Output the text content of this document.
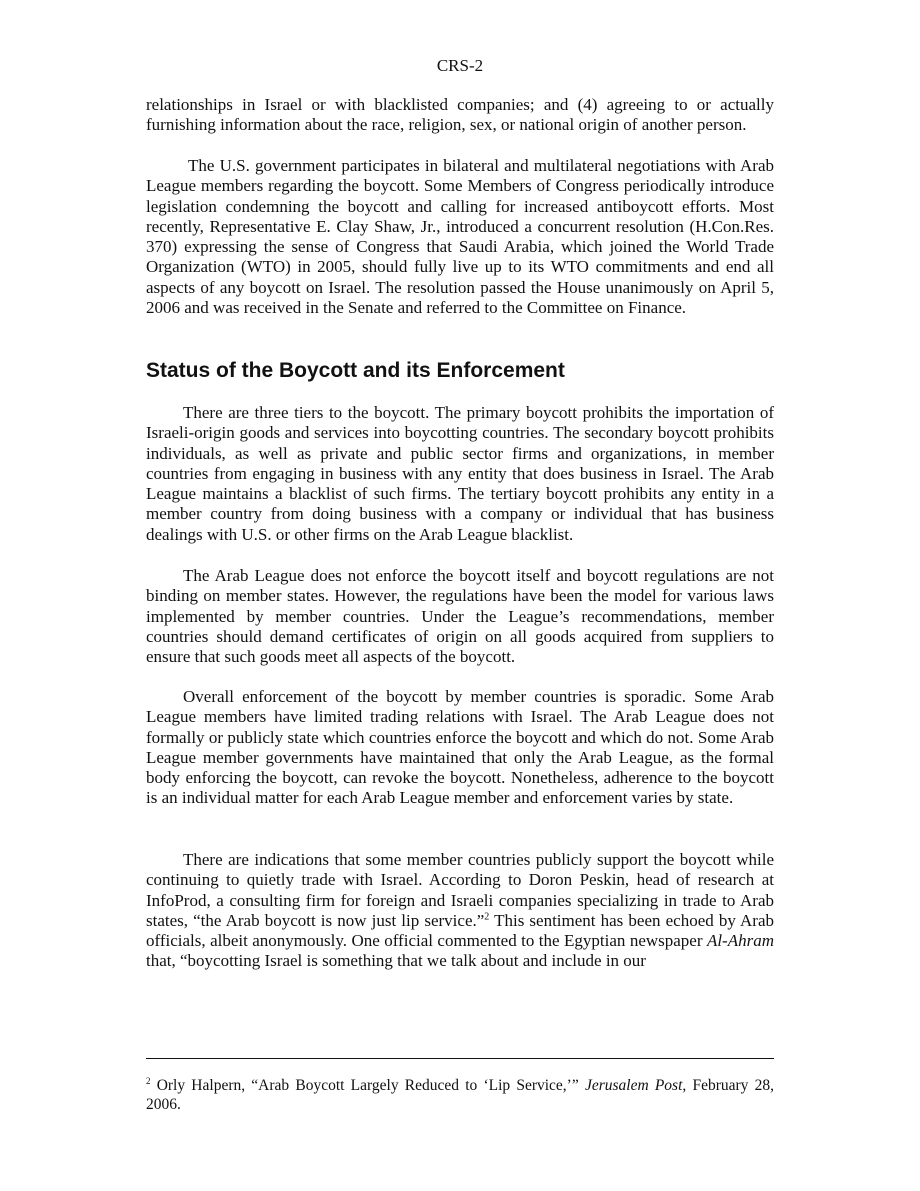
CRS-2

relationships in Israel or with blacklisted companies; and (4) agreeing to or actually furnishing information about the race, religion, sex, or national origin of another person.

The U.S. government participates in bilateral and multilateral negotiations with Arab League members regarding the boycott. Some Members of Congress periodically introduce legislation condemning the boycott and calling for increased antiboycott efforts. Most recently, Representative E. Clay Shaw, Jr., introduced a concurrent resolution (H.Con.Res. 370) expressing the sense of Congress that Saudi Arabia, which joined the World Trade Organization (WTO) in 2005, should fully live up to its WTO commitments and end all aspects of any boycott on Israel. The resolution passed the House unanimously on April 5, 2006 and was received in the Senate and referred to the Committee on Finance.

Status of the Boycott and its Enforcement

There are three tiers to the boycott. The primary boycott prohibits the importation of Israeli-origin goods and services into boycotting countries. The secondary boycott prohibits individuals, as well as private and public sector firms and organizations, in member countries from engaging in business with any entity that does business in Israel. The Arab League maintains a blacklist of such firms. The tertiary boycott prohibits any entity in a member country from doing business with a company or individual that has business dealings with U.S. or other firms on the Arab League blacklist.

The Arab League does not enforce the boycott itself and boycott regulations are not binding on member states. However, the regulations have been the model for various laws implemented by member countries. Under the League’s recommendations, member countries should demand certificates of origin on all goods acquired from suppliers to ensure that such goods meet all aspects of the boycott.

Overall enforcement of the boycott by member countries is sporadic. Some Arab League members have limited trading relations with Israel. The Arab League does not formally or publicly state which countries enforce the boycott and which do not. Some Arab League member governments have maintained that only the Arab League, as the formal body enforcing the boycott, can revoke the boycott. Nonetheless, adherence to the boycott is an individual matter for each Arab League member and enforcement varies by state.

There are indications that some member countries publicly support the boycott while continuing to quietly trade with Israel. According to Doron Peskin, head of research at InfoProd, a consulting firm for foreign and Israeli companies specializing in trade to Arab states, “the Arab boycott is now just lip service.”$^2$ This sentiment has been echoed by Arab officials, albeit anonymously. One official commented to the Egyptian newspaper Al-Ahram that, “boycotting Israel is something that we talk about and include in our

$^2$ Orly Halpern, “Arab Boycott Largely Reduced to ‘Lip Service,’” Jerusalem Post, February 28, 2006.
